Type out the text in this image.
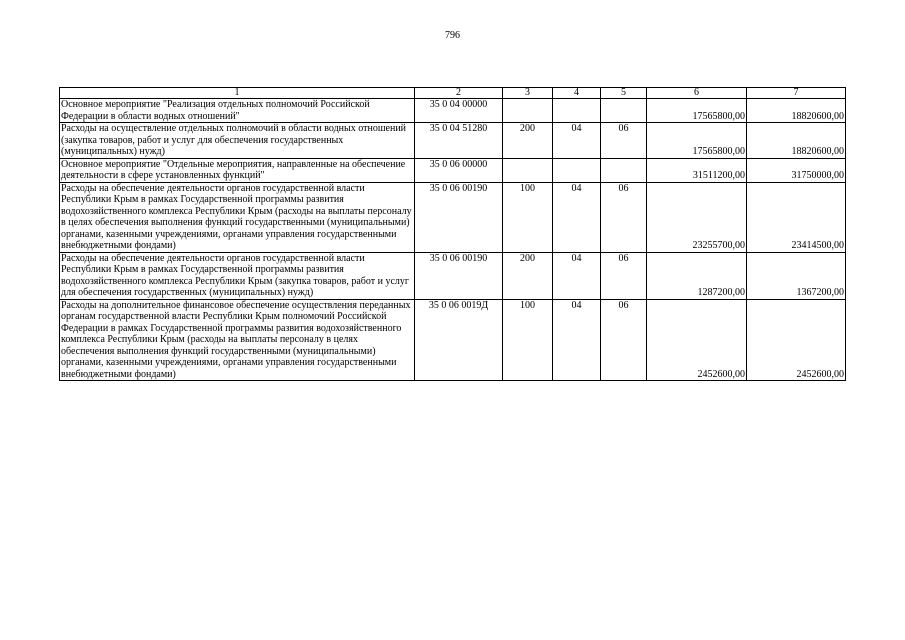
796
1	2	3	4	5	6	7
Основное мероприятие "Реализация отдельных полномочий Российской Федерации в области водных отношений"	35 0 04 00000				17565800,00	18820600,00
Расходы на осуществление отдельных полномочий в области водных отношений (закупка товаров, работ и услуг для обеспечения государственных (муниципальных) нужд)	35 0 04 51280	200	04	06	17565800,00	18820600,00
Основное мероприятие "Отдельные мероприятия, направленные на обеспечение деятельности в сфере установленных функций"	35 0 06 00000				31511200,00	31750000,00
Расходы на обеспечение деятельности органов государственной власти Республики Крым в рамках Государственной программы развития водохозяйственного комплекса Республики Крым (расходы на выплаты персоналу в целях обеспечения выполнения функций государственными (муниципальными) органами, казенными учреждениями, органами управления государственными внебюджетными фондами)	35 0 06 00190	100	04	06	23255700,00	23414500,00
Расходы на обеспечение деятельности органов государственной власти Республики Крым в рамках Государственной программы развития водохозяйственного комплекса Республики Крым (закупка товаров, работ и услуг для обеспечения государственных (муниципальных) нужд)	35 0 06 00190	200	04	06	1287200,00	1367200,00
Расходы на дополнительное финансовое обеспечение осуществления переданных органам государственной власти Республики Крым полномочий Российской Федерации в рамках Государственной программы развития водохозяйственного комплекса Республики Крым (расходы на выплаты персоналу в целях обеспечения выполнения функций государственными (муниципальными) органами, казенными учреждениями, органами управления государственными внебюджетными фондами)	35 0 06 0019Д	100	04	06	2452600,00	2452600,00
